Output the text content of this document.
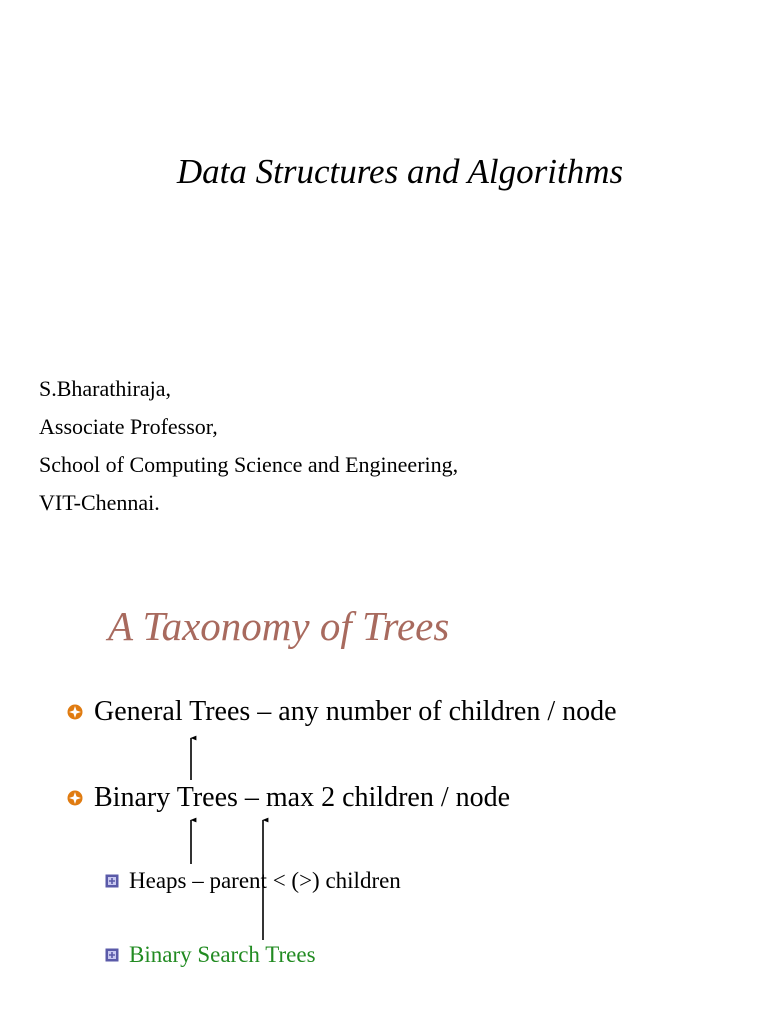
Data Structures and Algorithms
S.Bharathiraja,
Associate Professor,
School of Computing Science and Engineering,
VIT-Chennai.
A Taxonomy of Trees
General Trees – any number of children / node
Binary Trees – max 2 children / node
Heaps – parent < (>) children
Binary Search Trees
